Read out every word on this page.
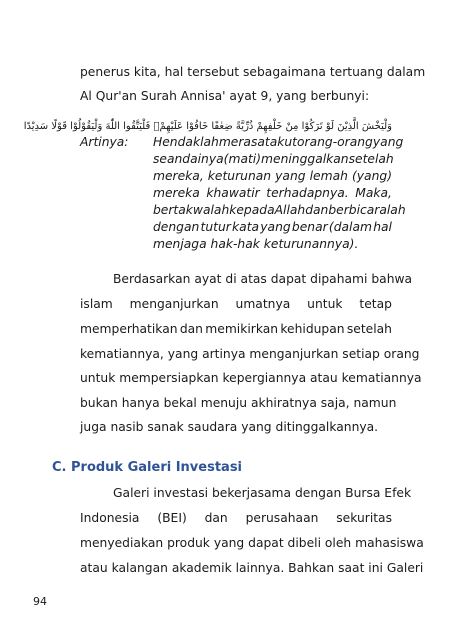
penerus kita, hal tersebut sebagaimana tertuang dalam
Al Qur'an Surah Annisa' ayat 9, yang berbunyi:
وَلْيَخْشَ الَّذِيْنَ لَوْ تَرَكُوْا مِنْ خَلْفِهِمْ ذُرِّيَّةً ضِعٰفًا خَافُوْا عَلَيْهِمْۖ فَلْيَتَّقُوا اللّٰهَ وَلْيَقُوْلُوْا قَوْلًا سَدِيْدًا
Artinya: Hendaklah merasa takut orang-orang yang
seandainya (mati) meninggalkan setelah
mereka, keturunan yang lemah (yang)
mereka khawatir terhadapnya. Maka,
bertakwalah kepada Allah dan berbicaralah
dengan tutur kata yang benar (dalam hal
menjaga hak-hak keturunannya).
Berdasarkan ayat di atas dapat dipahami bahwa
islam menganjurkan umatnya untuk tetap
memperhatikan dan memikirkan kehidupan setelah
kematiannya, yang artinya menganjurkan setiap orang
untuk mempersiapkan kepergiannya atau kematiannya
bukan hanya bekal menuju akhiratnya saja, namun
juga nasib sanak saudara yang ditinggalkannya.
C. Produk Galeri Investasi
Galeri investasi bekerjasama dengan Bursa Efek
Indonesia (BEI) dan perusahaan sekuritas
menyediakan produk yang dapat dibeli oleh mahasiswa
atau kalangan akademik lainnya. Bahkan saat ini Galeri
94
